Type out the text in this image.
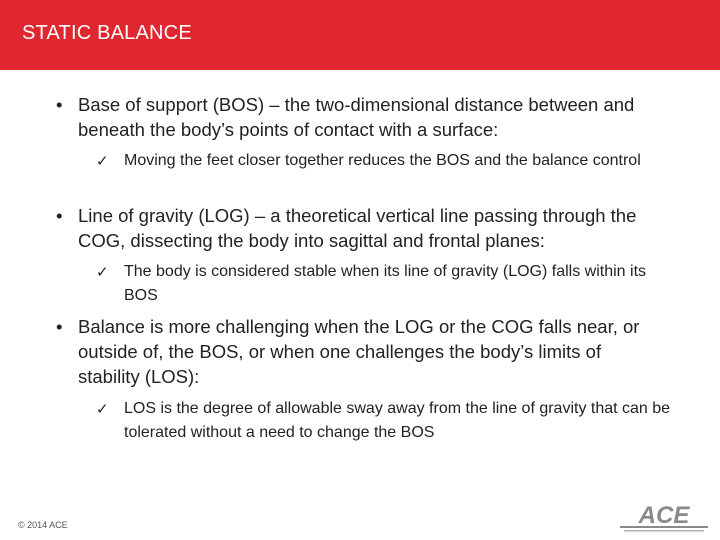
STATIC BALANCE
• Base of support (BOS) – the two-dimensional distance between and beneath the body’s points of contact with a surface:
✓ Moving the feet closer together reduces the BOS and the balance control
• Line of gravity (LOG) – a theoretical vertical line passing through the COG, dissecting the body into sagittal and frontal planes:
✓ The body is considered stable when its line of gravity (LOG) falls within its BOS
• Balance is more challenging when the LOG or the COG falls near, or outside of, the BOS, or when one challenges the body’s limits of stability (LOS):
✓ LOS is the degree of allowable sway away from the line of gravity that can be tolerated without a need to change the BOS
© 2014 ACE	ACE
